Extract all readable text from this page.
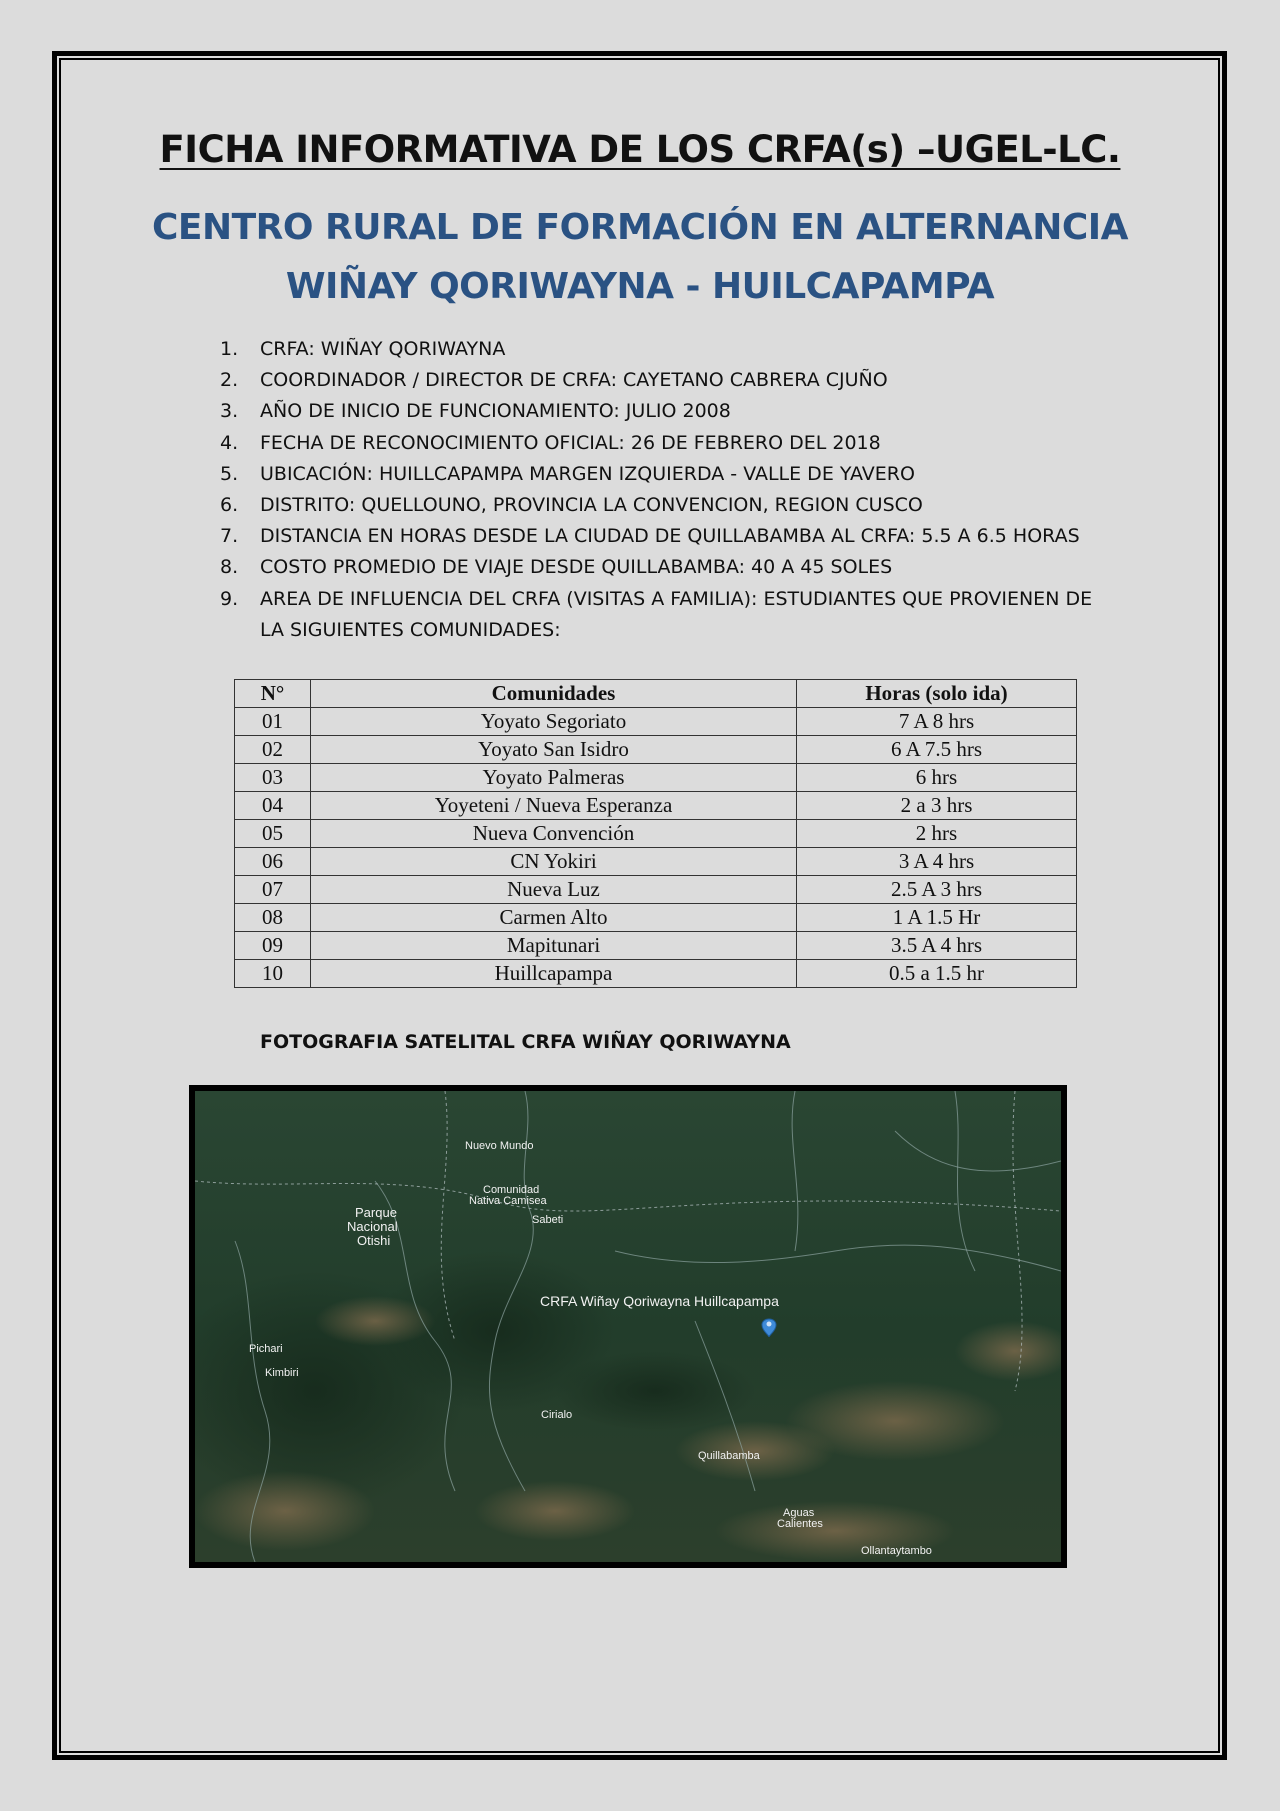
FICHA INFORMATIVA DE LOS CRFA(s) –UGEL-LC.
CENTRO RURAL DE FORMACIÓN EN ALTERNANCIA
WIÑAY QORIWAYNA - HUILCAPAMPA
1. CRFA: WIÑAY QORIWAYNA
2. COORDINADOR / DIRECTOR DE CRFA: CAYETANO CABRERA CJUÑO
3. AÑO DE INICIO DE FUNCIONAMIENTO: JULIO 2008
4. FECHA DE RECONOCIMIENTO OFICIAL: 26 DE FEBRERO DEL 2018
5. UBICACIÓN: HUILLCAPAMPA MARGEN IZQUIERDA - VALLE DE YAVERO
6. DISTRITO: QUELLOUNO, PROVINCIA LA CONVENCION, REGION CUSCO
7. DISTANCIA EN HORAS DESDE LA CIUDAD DE QUILLABAMBA AL CRFA: 5.5 A 6.5 HORAS
8. COSTO PROMEDIO DE VIAJE DESDE QUILLABAMBA: 40 A 45 SOLES
9. AREA DE INFLUENCIA DEL CRFA (VISITAS A FAMILIA): ESTUDIANTES QUE PROVIENEN DE LA SIGUIENTES COMUNIDADES:
N°	Comunidades	Horas (solo ida)
01	Yoyato Segoriato	7 A 8 hrs
02	Yoyato San Isidro	6 A 7.5 hrs
03	Yoyato Palmeras	6 hrs
04	Yoyeteni / Nueva Esperanza	2 a 3 hrs
05	Nueva Convención	2 hrs
06	CN Yokiri	3 A 4 hrs
07	Nueva Luz	2.5 A 3 hrs
08	Carmen Alto	1 A 1.5 Hr
09	Mapitunari	3.5 A 4 hrs
10	Huillcapampa	0.5 a 1.5 hr
FOTOGRAFIA SATELITAL CRFA WIÑAY QORIWAYNA
Nuevo Mundo
Comunidad
Nativa Camisea
Sabeti
Parque
Nacional
Otishi
CRFA Wiñay Qoriwayna Huillcapampa
Pichari
Kimbiri
Cirialo
Quillabamba
Aguas
Calientes
Ollantaytambo
